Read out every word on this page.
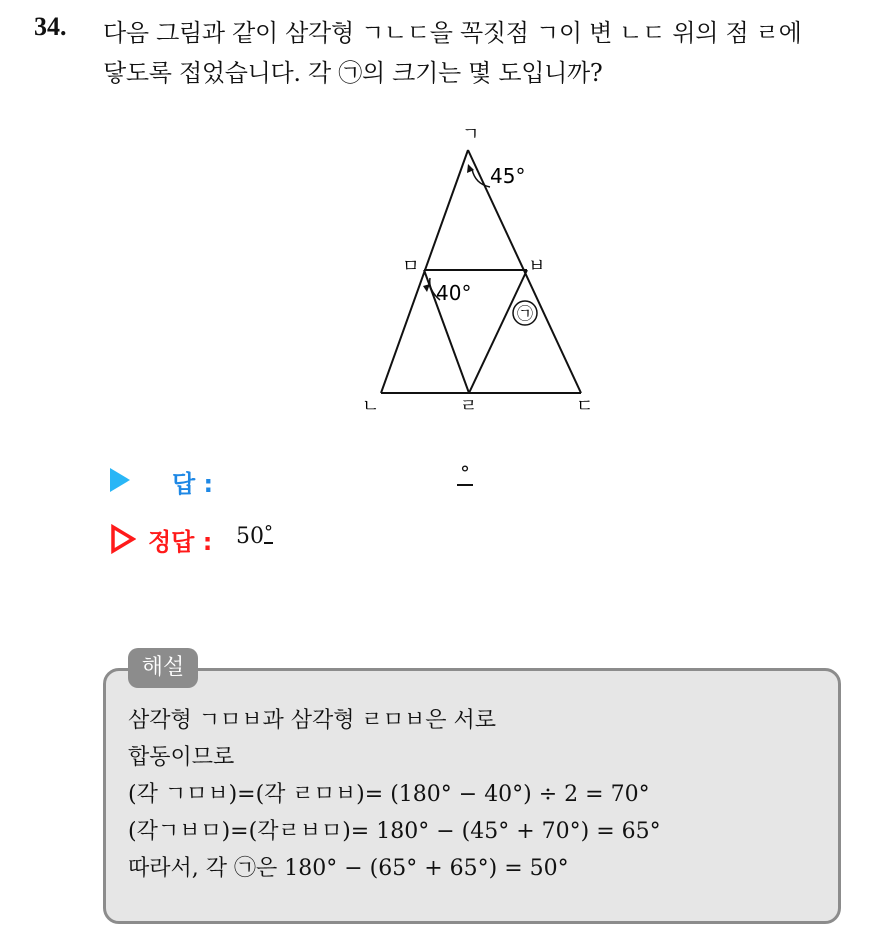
34. 다음 그림과 같이 삼각형 ㄱㄴㄷ을 꼭짓점 ㄱ이 변 ㄴㄷ 위의 점 ㄹ에
닿도록 접었습니다. 각 ㉠의 크기는 몇 도입니까?
ㄱ
ㄴ	ㄹ	ㄷ
ㅁ	ㅂ
45°
40°
㉠
답 :	°
정답 : 50°
해설
삼각형 ㄱㅁㅂ과 삼각형 ㄹㅁㅂ은 서로
합동이므로
(각 ㄱㅁㅂ)=(각 ㄹㅁㅂ)= (180° − 40°) ÷ 2 = 70°
(각ㄱㅂㅁ)=(각ㄹㅂㅁ)= 180° − (45° + 70°) = 65°
따라서, 각 ㉠은 180° − (65° + 65°) = 50°
